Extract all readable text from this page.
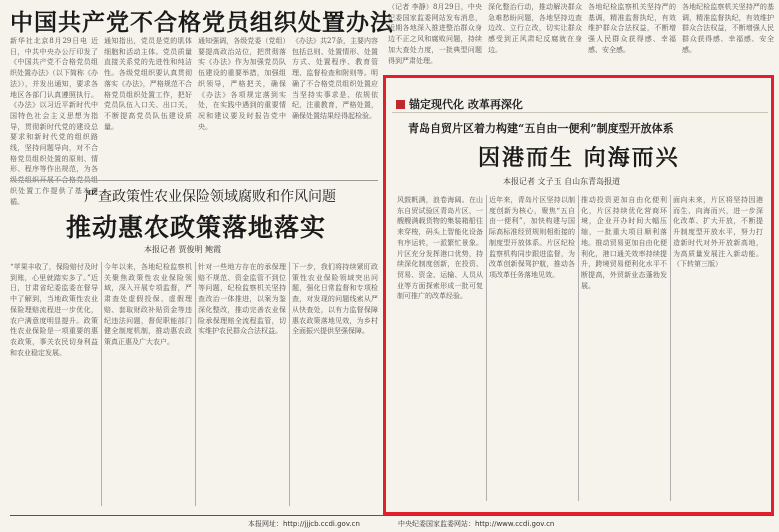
中国共产党不合格党员组织处置办法
新华社北京8月29日电 近日，中共中央办公厅印发了《中国共产党不合格党员组织处置办法》（以下简称《办法》），并发出通知，要求各地区各部门认真遵照执行。《办法》以习近平新时代中国特色社会主义思想为指导，贯彻新时代党的建设总要求和新时代党的组织路线，坚持问题导向，对不合格党员组织处置的原则、情形、程序等作出规范，为各 织处置工作提供了基本遵循。
通知指出，党员是党的肌体细胞和活动主体。党员质量直接关系党的先进性和纯洁性。各级党组织要认真贯彻落实《办法》，严格规范不合格党员组织处置工作，把好党员队伍入口关、出口关，不断提高党员队伍建设质量。
通知强调，各级党委（党组）要提高政治站位，把贯彻落实《办法》作为加强党员队伍建设的重要举措，加强组织领导，严格把关，确保《办法》各项规定落到实处，在实践中遇到的重要情况和建议要及时报告党中央。
《办法》共27条，主要内容包括总则、处置情形、处置方式、处置程序、教育管理、监督检查和附则等。明确了不合格党员组织处置应当坚持实事求是、依规依纪，注重教育，严格处置，确保处置结果经得起检验。
（记者 李静）8月29日，中央纪委国家监委网站发布消息，近期各地深入推进整治群众身边不正之风和腐败问题，持续加大查处力度，一批典型问题得到严肃处理。
深化整治行动，推动解决群众急难愁盼问题，各地坚持边查边改、立行立改，切实让群众感受到正风肃纪反腐就在身边。
各地纪检监察机关坚持严的基调，精准监督执纪，有效维护群众合法权益，不断增强人民群众获得感、幸福感、安全感。
各地纪检监察机关坚持严的基调，精准监督执纪，有效维护群众合法权益，不断增强人民群众获得感、幸福感、安全感。
严查政策性农业保险领域腐败和作风问题
推动惠农政策落地落实
本报记者 贾俊明 鲍霞
“苹果丰收了，保险赔付及时到账，心里就踏实多了。”近日，甘肃省纪委监委在督导中了解到，当地政策性农业保险理赔流程进一步优化，农户满意度明显提升。政策性农业保险是一项重要的惠农政策，事关农民切身利益和农业稳定发展。
今年以来，各地纪检监察机关聚焦政策性农业保险领域，深入开展专项监督，严肃查处虚假投保、虚假理赔、套取财政补贴资金等违纪违法问题，督促职能部门健全制度机制，推动惠农政策真正惠及广大农户。
针对一些地方存在的承保理赔不规范、资金监管不到位等问题，纪检监察机关坚持查改治一体推进，以案为鉴深化整改，推动完善农业保险承保理赔全流程监管，切实维护农民群众合法权益。
下一步，我们将持续紧盯政策性农业保险领域突出问题，强化日常监督和专项检查，对发现的问题线索从严从快查处，以有力监督保障惠农政策落地见效，为乡村全面振兴提供坚强保障。
锚定现代化 改革再深化
青岛自贸片区着力构建“五自由一便利”制度型开放体系
因港而生 向海而兴
本报记者 文子玉 自山东青岛报道
风鼓帆满，浪卷海阔。在山东自贸试验区青岛片区，一艘艘满载货物的集装箱船往来穿梭，码头上智能化设备有序运转，一派繁忙景象。片区充分发挥港口优势，持续深化制度创新，在投资、贸易、资金、运输、人员从业等方面探索形成一批可复制可推广的改革经验。
近年来，青岛片区坚持以制度创新为核心，聚焦“五自由一便利”，加快构建与国际高标准经贸规则相衔接的制度型开放体系。片区纪检监察机构同步跟进监督，为改革创新保驾护航，推动各项改革任务落地见效。
推动投资更加自由化便利化，片区持续优化营商环境，企业开办时间大幅压缩，一批重大项目顺利落地。推动贸易更加自由化便利化，港口通关效率持续提升，跨境贸易便利化水平不断提高，外贸新业态蓬勃发展。
面向未来，片区将坚持因港而生、向海而兴，进一步深化改革、扩大开放，不断提升制度型开放水平，努力打造新时代对外开放新高地，为高质量发展注入新动能。（下转第三版）
本报网址：http://jjjcb.ccdi.gov.cn	中央纪委国家监委网站：http://www.ccdi.gov.cn
